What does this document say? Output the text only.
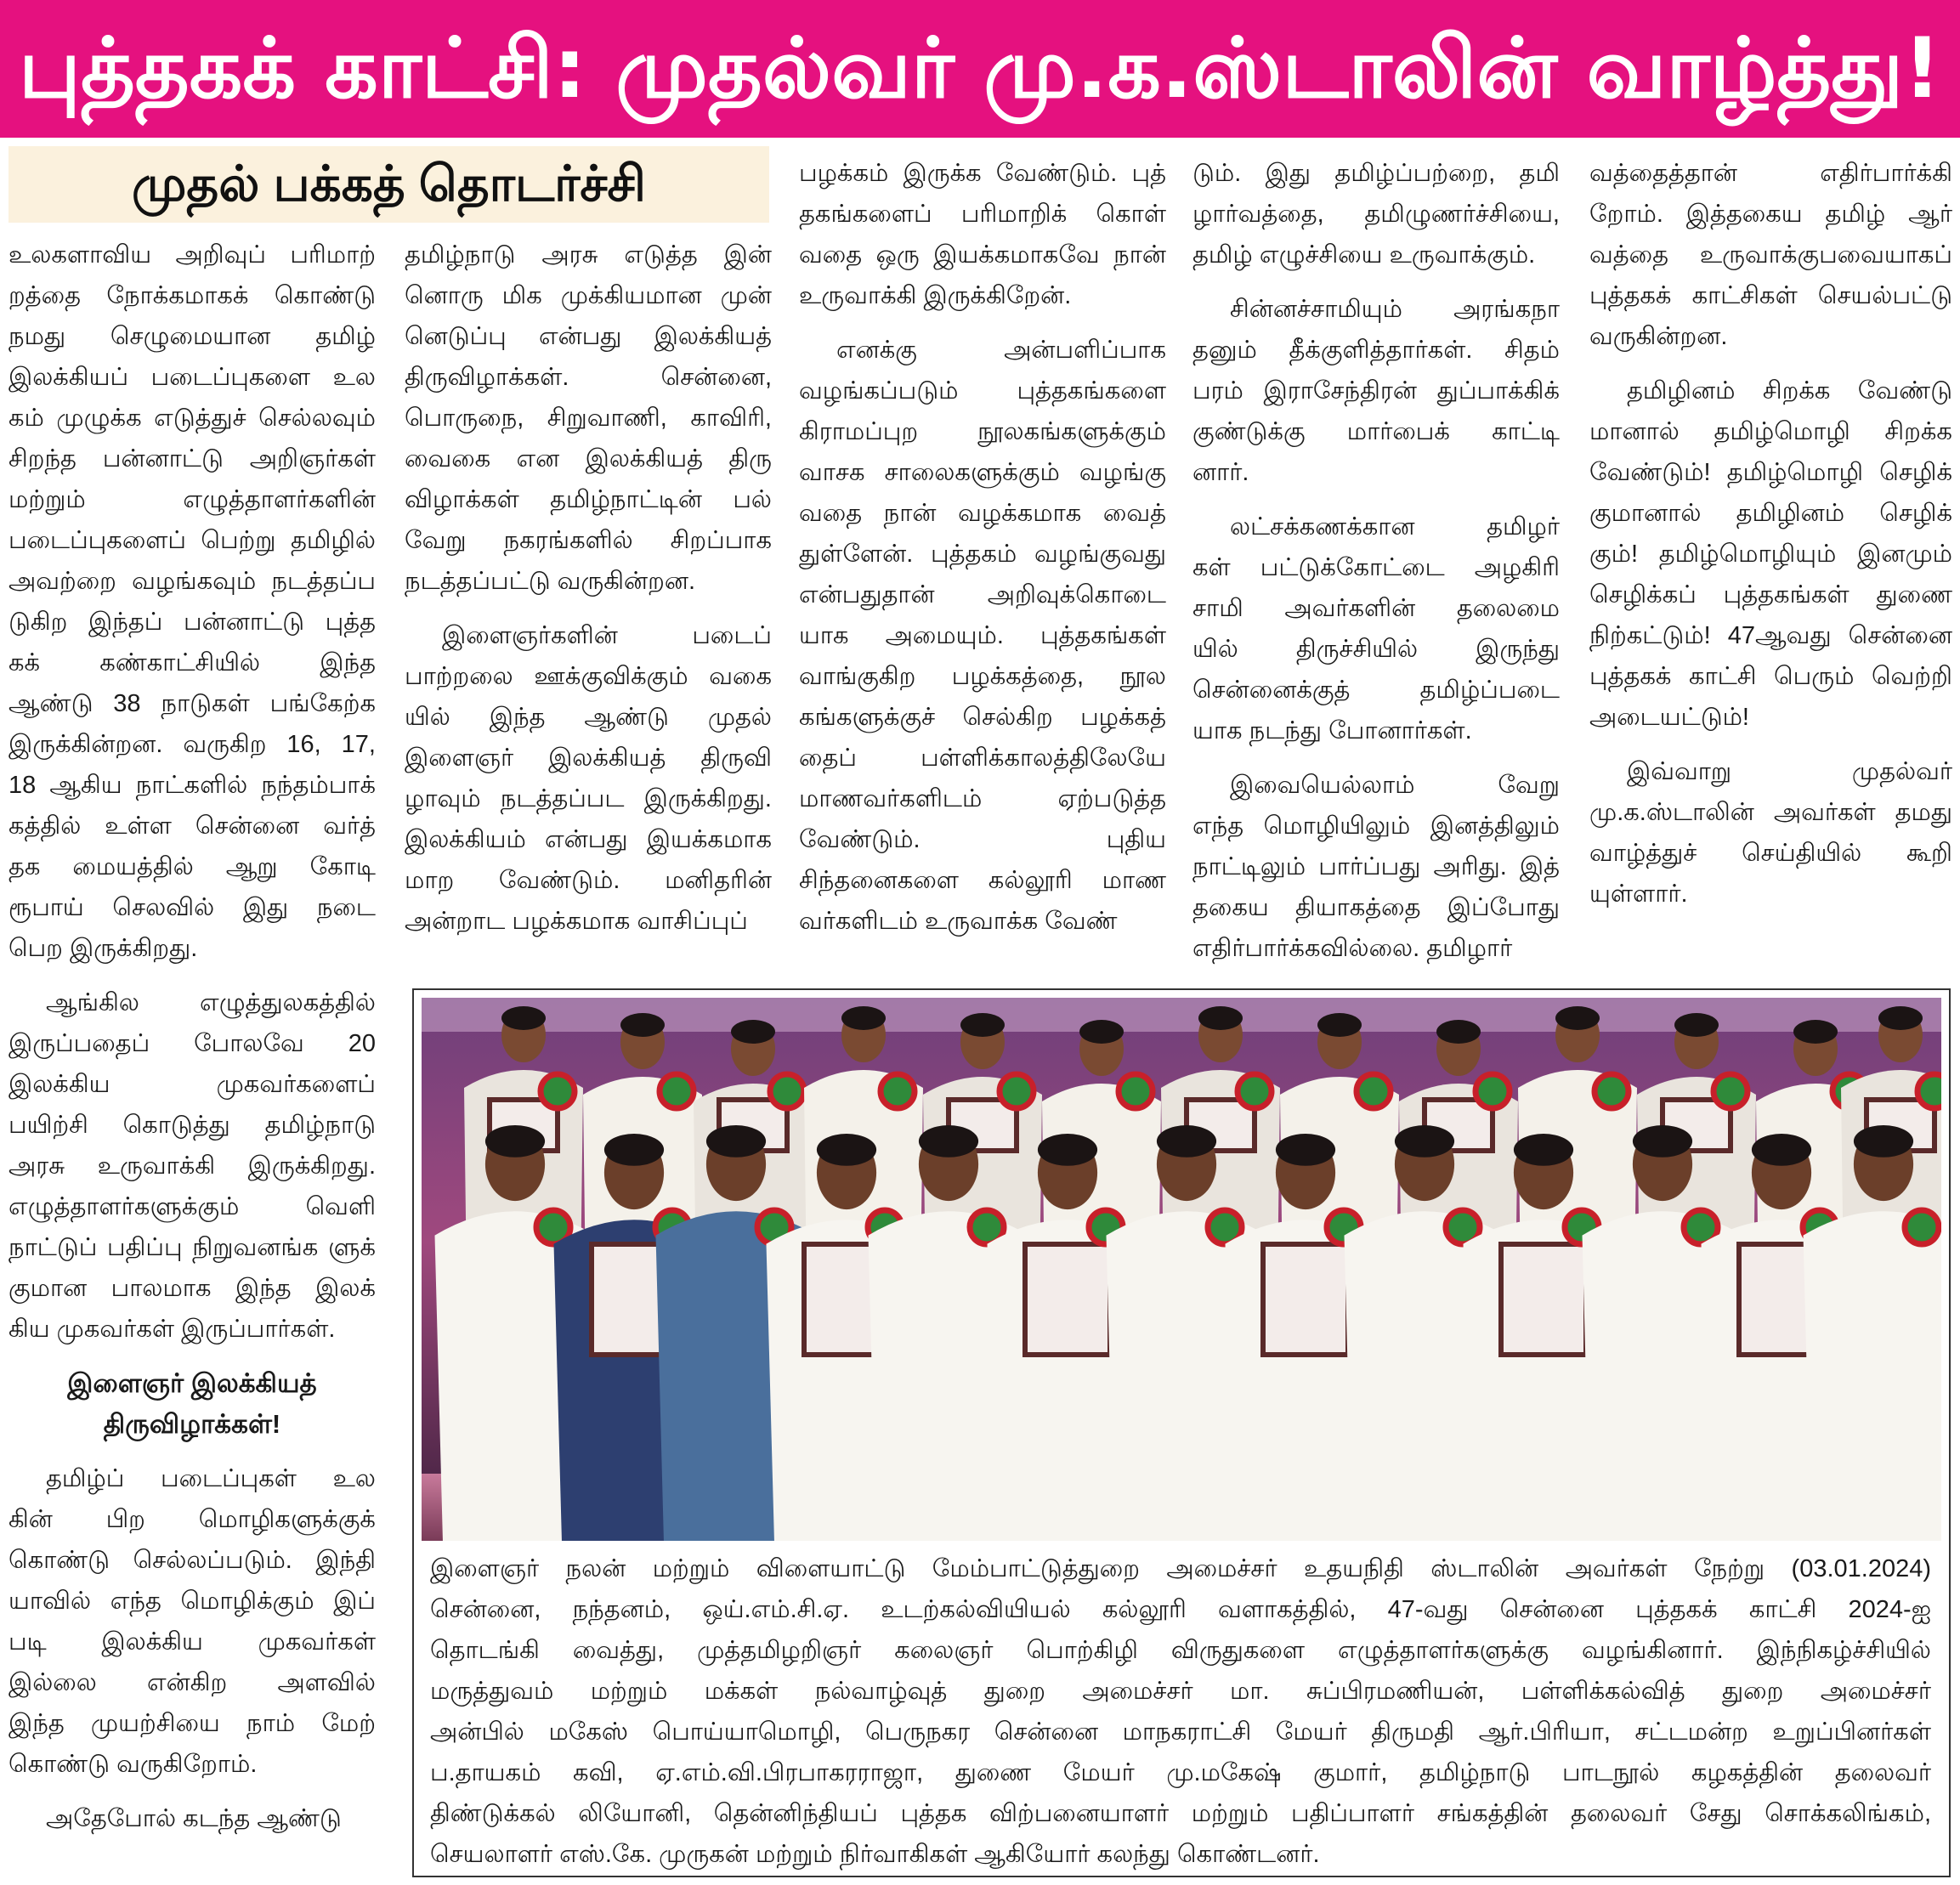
புத்தகக் காட்சி: முதல்வர் மு.க.ஸ்டாலின் வாழ்த்து!
முதல் பக்கத் தொடர்ச்சி
உலகளாவிய அறிவுப் பரிமாற்
றத்தை நோக்கமாகக் கொண்டு
நமது செழுமையான தமிழ்
இலக்கியப் படைப்புகளை உல
கம் முழுக்க எடுத்துச் செல்லவும்
சிறந்த பன்னாட்டு அறிஞர்கள்
மற்றும் எழுத்தாளர்களின்
படைப்புகளைப் பெற்று தமிழில்
அவற்றை வழங்கவும் நடத்தப்ப
டுகிற இந்தப் பன்னாட்டு புத்த
கக் கண்காட்சியில் இந்த
ஆண்டு 38 நாடுகள் பங்கேற்க
இருக்கின்றன. வருகிற 16, 17,
18 ஆகிய நாட்களில் நந்தம்பாக்
கத்தில் உள்ள சென்னை வர்த்
தக மையத்தில் ஆறு கோடி
ரூபாய் செலவில் இது நடை
பெற இருக்கிறது.
ஆங்கில எழுத்துலகத்தில்
இருப்பதைப் போலவே 20
இலக்கிய முகவர்களைப்
பயிற்சி கொடுத்து தமிழ்நாடு
அரசு உருவாக்கி இருக்கிறது.
எழுத்தாளர்களுக்கும் வெளி
நாட்டுப் பதிப்பு நிறுவனங்க ளுக்
குமான பாலமாக இந்த இலக்
கிய முகவர்கள் இருப்பார்கள்.
இளைஞர் இலக்கியத்
திருவிழாக்கள்!
தமிழ்ப் படைப்புகள் உல
கின் பிற மொழிகளுக்குக்
கொண்டு செல்லப்படும். இந்தி
யாவில் எந்த மொழிக்கும் இப்
படி இலக்கிய முகவர்கள்
இல்லை என்கிற அளவில்
இந்த முயற்சியை நாம் மேற்
கொண்டு வருகிறோம்.
அதேபோல் கடந்த ஆண்டு
தமிழ்நாடு அரசு எடுத்த இன்
னொரு மிக முக்கியமான முன்
னெடுப்பு என்பது இலக்கியத்
திருவிழாக்கள். சென்னை,
பொருநை, சிறுவாணி, காவிரி,
வைகை என இலக்கியத் திரு
விழாக்கள் தமிழ்நாட்டின் பல்
வேறு நகரங்களில் சிறப்பாக
நடத்தப்பட்டு வருகின்றன.
இளைஞர்களின் படைப்
பாற்றலை ஊக்குவிக்கும் வகை
யில் இந்த ஆண்டு முதல்
இளைஞர் இலக்கியத் திருவி
ழாவும் நடத்தப்பட இருக்கிறது.
இலக்கியம் என்பது இயக்கமாக
மாற வேண்டும். மனிதரின்
அன்றாட பழக்கமாக வாசிப்புப்
பழக்கம் இருக்க வேண்டும். புத்
தகங்களைப் பரிமாறிக் கொள்
வதை ஒரு இயக்கமாகவே நான்
உருவாக்கி இருக்கிறேன்.
எனக்கு அன்பளிப்பாக
வழங்கப்படும் புத்தகங்களை
கிராமப்புற நூலகங்களுக்கும்
வாசக சாலைகளுக்கும் வழங்கு
வதை நான் வழக்கமாக வைத்
துள்ளேன். புத்தகம் வழங்குவது
என்பதுதான் அறிவுக்கொடை
யாக அமையும். புத்தகங்கள்
வாங்குகிற பழக்கத்தை, நூல
கங்களுக்குச் செல்கிற பழக்கத்
தைப் பள்ளிக்காலத்திலேயே
மாணவர்களிடம் ஏற்படுத்த
வேண்டும். புதிய
சிந்தனைகளை கல்லூரி மாண
வர்களிடம் உருவாக்க வேண்
டும். இது தமிழ்ப்பற்றை, தமி
ழார்வத்தை, தமிழுணர்ச்சியை,
தமிழ் எழுச்சியை உருவாக்கும்.
சின்னச்சாமியும் அரங்கநா
தனும் தீக்குளித்தார்கள். சிதம்
பரம் இராசேந்திரன் துப்பாக்கிக்
குண்டுக்கு மார்பைக் காட்டி
னார்.
லட்சக்கணக்கான தமிழர்
கள் பட்டுக்கோட்டை அழகிரி
சாமி அவர்களின் தலைமை
யில் திருச்சியில் இருந்து
சென்னைக்குத் தமிழ்ப்படை
யாக நடந்து போனார்கள்.
இவையெல்லாம் வேறு
எந்த மொழியிலும் இனத்திலும்
நாட்டிலும் பார்ப்பது அரிது. இத்
தகைய தியாகத்தை இப்போது
எதிர்பார்க்கவில்லை. தமிழார்
வத்தைத்தான் எதிர்பார்க்கி
றோம். இத்தகைய தமிழ் ஆர்
வத்தை உருவாக்குபவையாகப்
புத்தகக் காட்சிகள் செயல்பட்டு
வருகின்றன.
தமிழினம் சிறக்க வேண்டு
மானால் தமிழ்மொழி சிறக்க
வேண்டும்! தமிழ்மொழி செழிக்
குமானால் தமிழினம் செழிக்
கும்! தமிழ்மொழியும் இனமும்
செழிக்கப் புத்தகங்கள் துணை
நிற்கட்டும்! 47ஆவது சென்னை
புத்தகக் காட்சி பெரும் வெற்றி
அடையட்டும்!
இவ்வாறு முதல்வர்
மு.க.ஸ்டாலின் அவர்கள் தமது
வாழ்த்துச் செய்தியில் கூறி
யுள்ளார்.
இளைஞர் நலன் மற்றும் விளையாட்டு மேம்பாட்டுத்துறை அமைச்சர் உதயநிதி ஸ்டாலின் அவர்கள் நேற்று (03.01.2024)
சென்னை, நந்தனம், ஒய்.எம்.சி.ஏ. உடற்கல்வியியல் கல்லூரி வளாகத்தில், 47-வது சென்னை புத்தகக் காட்சி 2024-ஐ
தொடங்கி வைத்து, முத்தமிழறிஞர் கலைஞர் பொற்கிழி விருதுகளை எழுத்தாளர்களுக்கு வழங்கினார். இந்நிகழ்ச்சியில்
மருத்துவம் மற்றும் மக்கள் நல்வாழ்வுத் துறை அமைச்சர் மா. சுப்பிரமணியன், பள்ளிக்கல்வித் துறை அமைச்சர்
அன்பில் மகேஸ் பொய்யாமொழி, பெருநகர சென்னை மாநகராட்சி மேயர் திருமதி ஆர்.பிரியா, சட்டமன்ற உறுப்பினர்கள்
ப.தாயகம் கவி, ஏ.எம்.வி.பிரபாகரராஜா, துணை மேயர் மு.மகேஷ் குமார், தமிழ்நாடு பாடநூல் கழகத்தின் தலைவர்
திண்டுக்கல் லியோனி, தென்னிந்தியப் புத்தக விற்பனையாளர் மற்றும் பதிப்பாளர் சங்கத்தின் தலைவர் சேது சொக்கலிங்கம்,
செயலாளர் எஸ்.கே. முருகன் மற்றும் நிர்வாகிகள் ஆகியோர் கலந்து கொண்டனர்.
